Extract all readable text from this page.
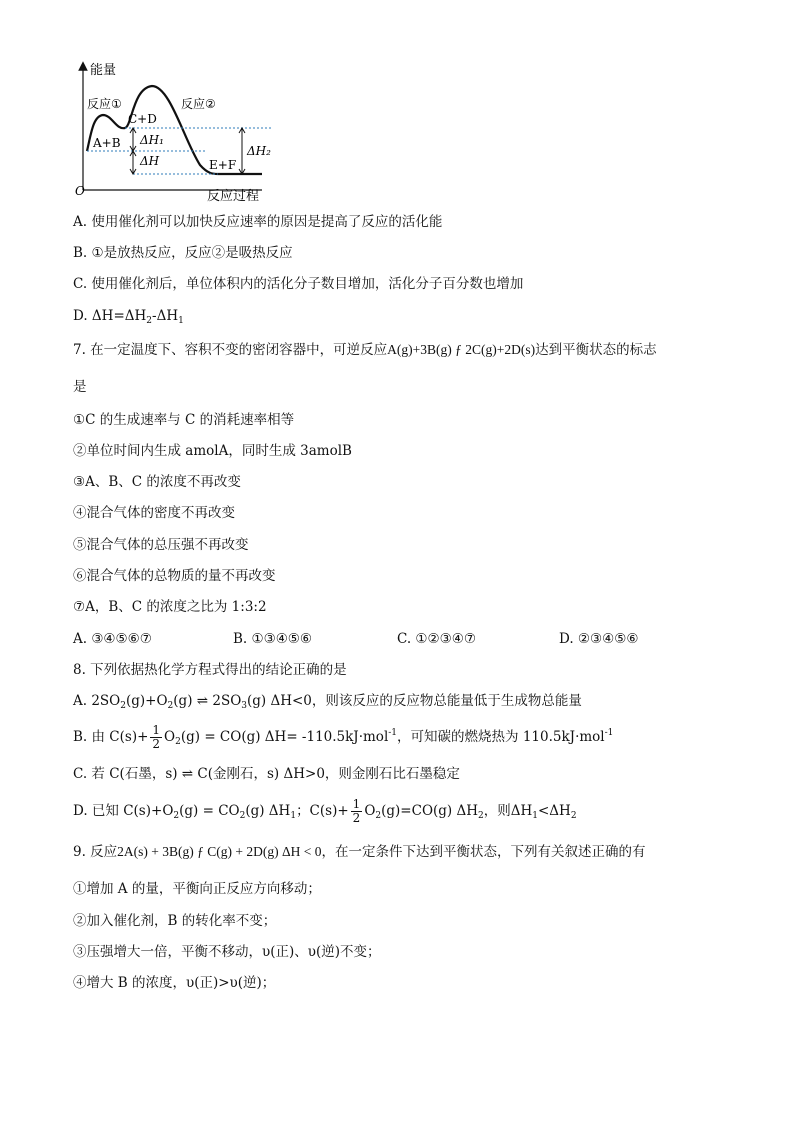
能量
O	反应过程
反应①	反应②
C+D
A+B
E+F
ΔH₁
ΔH
ΔH₂
A. 使用催化剂可以加快反应速率的原因是提高了反应的活化能
B. ①是放热反应，反应②是吸热反应
C. 使用催化剂后，单位体积内的活化分子数目增加，活化分子百分数也增加
D. $\Delta H=\Delta H_2-\Delta H_1$
7. 在一定温度下、容积不变的密闭容器中，可逆反应A(g)+3B(g) ƒ 2C(g)+2D(s)达到平衡状态的标志
是
①C 的生成速率与 C 的消耗速率相等
②单位时间内生成 amolA，同时生成 3amolB
③A、B、C 的浓度不再改变
④混合气体的密度不再改变
⑤混合气体的总压强不再改变
⑥混合气体的总物质的量不再改变
⑦A，B、C 的浓度之比为 1:3:2
A. ③④⑤⑥⑦	B. ①③④⑤⑥	C. ①②③④⑦	D. ②③④⑤⑥
8. 下列依据热化学方程式得出的结论正确的是
A. $2SO_2(g)+O_2(g)$ ⇌ $2SO_3(g)$ ΔH<0，则该反应的反应物总能量低于生成物总能量
B. 由 $C(s)+ \frac{1}{2} O_2(g) = CO(g)$ ΔH= -110.5kJ·mol$^{-1}$，可知碳的燃烧热为 110.5kJ·mol$^{-1}$
C. 若 C(石墨，s) ⇌ C(金刚石，s) ΔH>0，则金刚石比石墨稳定
D. 已知 $C(s)+O_2(g) = CO_2(g)$ $\Delta H_1$；$C(s)+ \frac{1}{2} O_2(g)=CO(g)$ $\Delta H_2$，则$\Delta H_1<\Delta H_2$
9. 反应2A(s) + 3B(g) ƒ C(g) + 2D(g) ΔH < 0，在一定条件下达到平衡状态，下列有关叙述正确的有
①增加 A 的量，平衡向正反应方向移动；
②加入催化剂，B 的转化率不变；
③压强增大一倍，平衡不移动，υ(正)、υ(逆)不变；
④增大 B 的浓度，υ(正)>υ(逆)；
